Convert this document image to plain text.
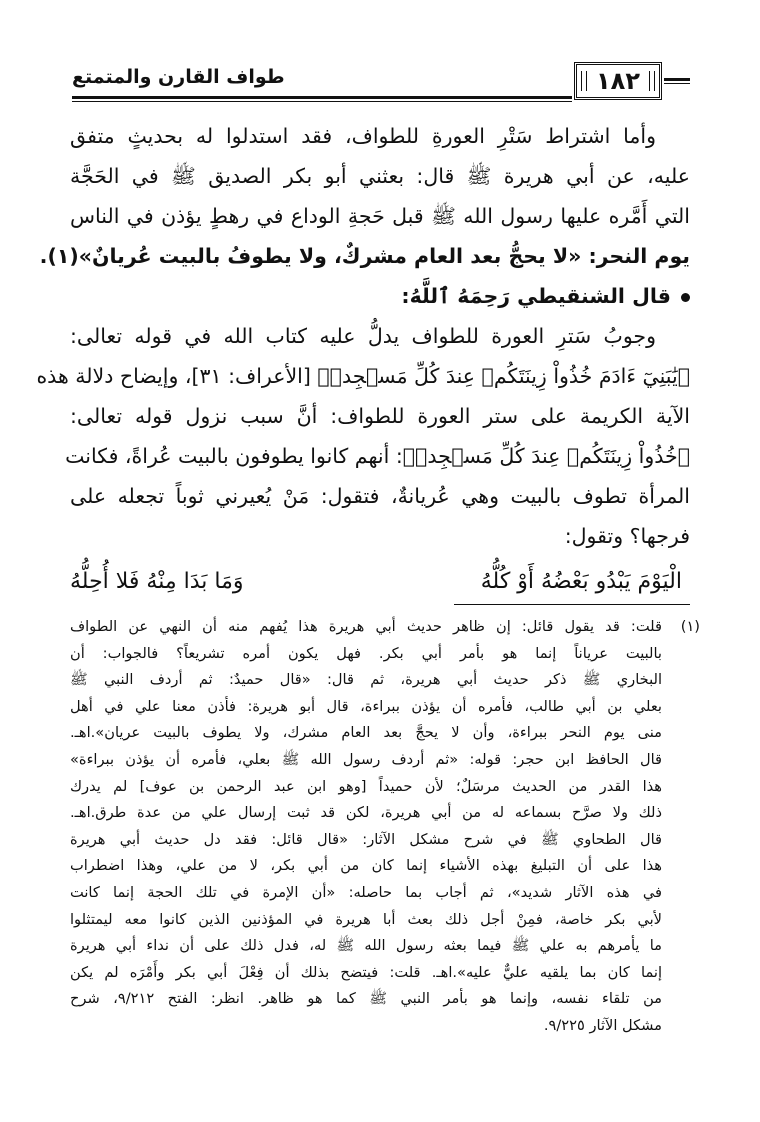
طواف القارن والمتمتع	١٨٢
وأما اشتراط سَتْرِ العورةِ للطواف، فقد استدلوا له بحديثٍ متفق
عليه، عن أبي هريرة ﷺ قال: بعثني أبو بكر الصديق ﷺ في الحَجَّة
التي أَمَّره عليها رسول الله ﷺ قبل حَجةِ الوداع في رهطٍ يؤذن في الناس
يوم النحر: «لا يحجُّ بعد العام مشركٌ، ولا يطوفُ بالبيت عُريانٌ»(١).
قال الشنقيطي رَحِمَهُ ٱللَّهُ:
وجوبُ سَترِ العورة للطواف يدلُّ عليه كتاب الله في قوله تعالى:
﴿يَٰبَنِيٓ ءَادَمَ خُذُواْ زِينَتَكُمۡ عِندَ كُلِّ مَسۡجِدٖ﴾ [الأعراف: ٣١]، وإيضاح دلالة هذه
الآية الكريمة على ستر العورة للطواف: أنَّ سبب نزول قوله تعالى:
﴿خُذُواْ زِينَتَكُمۡ عِندَ كُلِّ مَسۡجِدٖ﴾: أنهم كانوا يطوفون بالبيت عُراةً، فكانت
المرأة تطوف بالبيت وهي عُريانةٌ، فتقول: مَنْ يُعيرني ثوباً تجعله على
فرجها؟ وتقول:
الْيَوْمَ يَبْدُو بَعْضُهُ أَوْ كُلُّهُ
وَمَا بَدَا مِنْهُ فَلا أُحِلُّهُ
(١)
قلت: قد يقول قائل: إن ظاهر حديث أبي هريرة هذا يُفهم منه أن النهي عن الطواف
بالبيت عرياناً إنما هو بأمر أبي بكر. فهل يكون أمره تشريعاً؟ فالجواب: أن
البخاري ﷺ ذكر حديث أبي هريرة، ثم قال: «قال حميدٌ: ثم أردف النبي ﷺ
بعلي بن أبي طالب، فأمره أن يؤذن ببراءة، قال أبو هريرة: فأذن معنا علي في أهل
منى يوم النحر ببراءة، وأن لا يحجَّ بعد العام مشرك، ولا يطوف بالبيت عريان».اهـ.
قال الحافظ ابن حجر: قوله: «ثم أردف رسول الله ﷺ بعلي، فأمره أن يؤذن ببراءة»
هذا القدر من الحديث مرسَلٌ؛ لأن حميداً [وهو ابن عبد الرحمن بن عوف] لم يدرك
ذلك ولا صرَّح بسماعه له من أبي هريرة، لكن قد ثبت إرسال علي من عدة طرق.اهـ.
قال الطحاوي ﷺ في شرح مشكل الآثار: «قال قائل: فقد دل حديث أبي هريرة
هذا على أن التبليغ بهذه الأشياء إنما كان من أبي بكر، لا من علي، وهذا اضطراب
في هذه الآثار شديد»، ثم أجاب بما حاصله: «أن الإمرة في تلك الحجة إنما كانت
لأبي بكر خاصة، فمِنْ أجل ذلك بعث أبا هريرة في المؤذنين الذين كانوا معه ليمتثلوا
ما يأمرهم به علي ﷺ فيما بعثه رسول الله ﷺ له، فدل ذلك على أن نداء أبي هريرة
إنما كان بما يلقيه عليٌّ عليه».اهـ. قلت: فيتضح بذلك أن فِعْلَ أبي بكر وأَمْرَه لم يكن
من تلقاء نفسه، وإنما هو بأمر النبي ﷺ كما هو ظاهر. انظر: الفتح ٩/٢١٢، شرح
مشكل الآثار ٩/٢٢٥.
